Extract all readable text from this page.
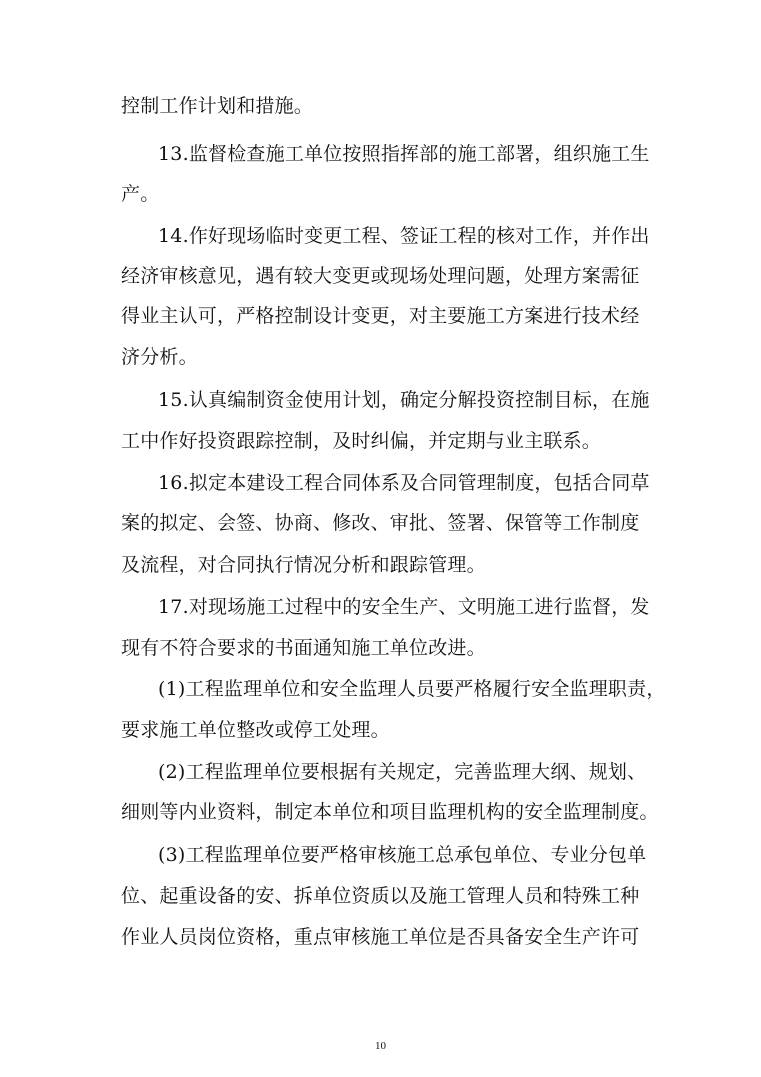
控制工作计划和措施。
13.监督检查施工单位按照指挥部的施工部署，组织施工生
产。
14.作好现场临时变更工程、签证工程的核对工作，并作出
经济审核意见，遇有较大变更或现场处理问题，处理方案需征
得业主认可，严格控制设计变更，对主要施工方案进行技术经
济分析。
15.认真编制资金使用计划，确定分解投资控制目标，在施
工中作好投资跟踪控制，及时纠偏，并定期与业主联系。
16.拟定本建设工程合同体系及合同管理制度，包括合同草
案的拟定、会签、协商、修改、审批、签署、保管等工作制度
及流程，对合同执行情况分析和跟踪管理。
17.对现场施工过程中的安全生产、文明施工进行监督，发
现有不符合要求的书面通知施工单位改进。
(1)工程监理单位和安全监理人员要严格履行安全监理职责，
要求施工单位整改或停工处理。
(2)工程监理单位要根据有关规定，完善监理大纲、规划、
细则等内业资料，制定本单位和项目监理机构的安全监理制度。
(3)工程监理单位要严格审核施工总承包单位、专业分包单
位、起重设备的安、拆单位资质以及施工管理人员和特殊工种
作业人员岗位资格，重点审核施工单位是否具备安全生产许可
10
